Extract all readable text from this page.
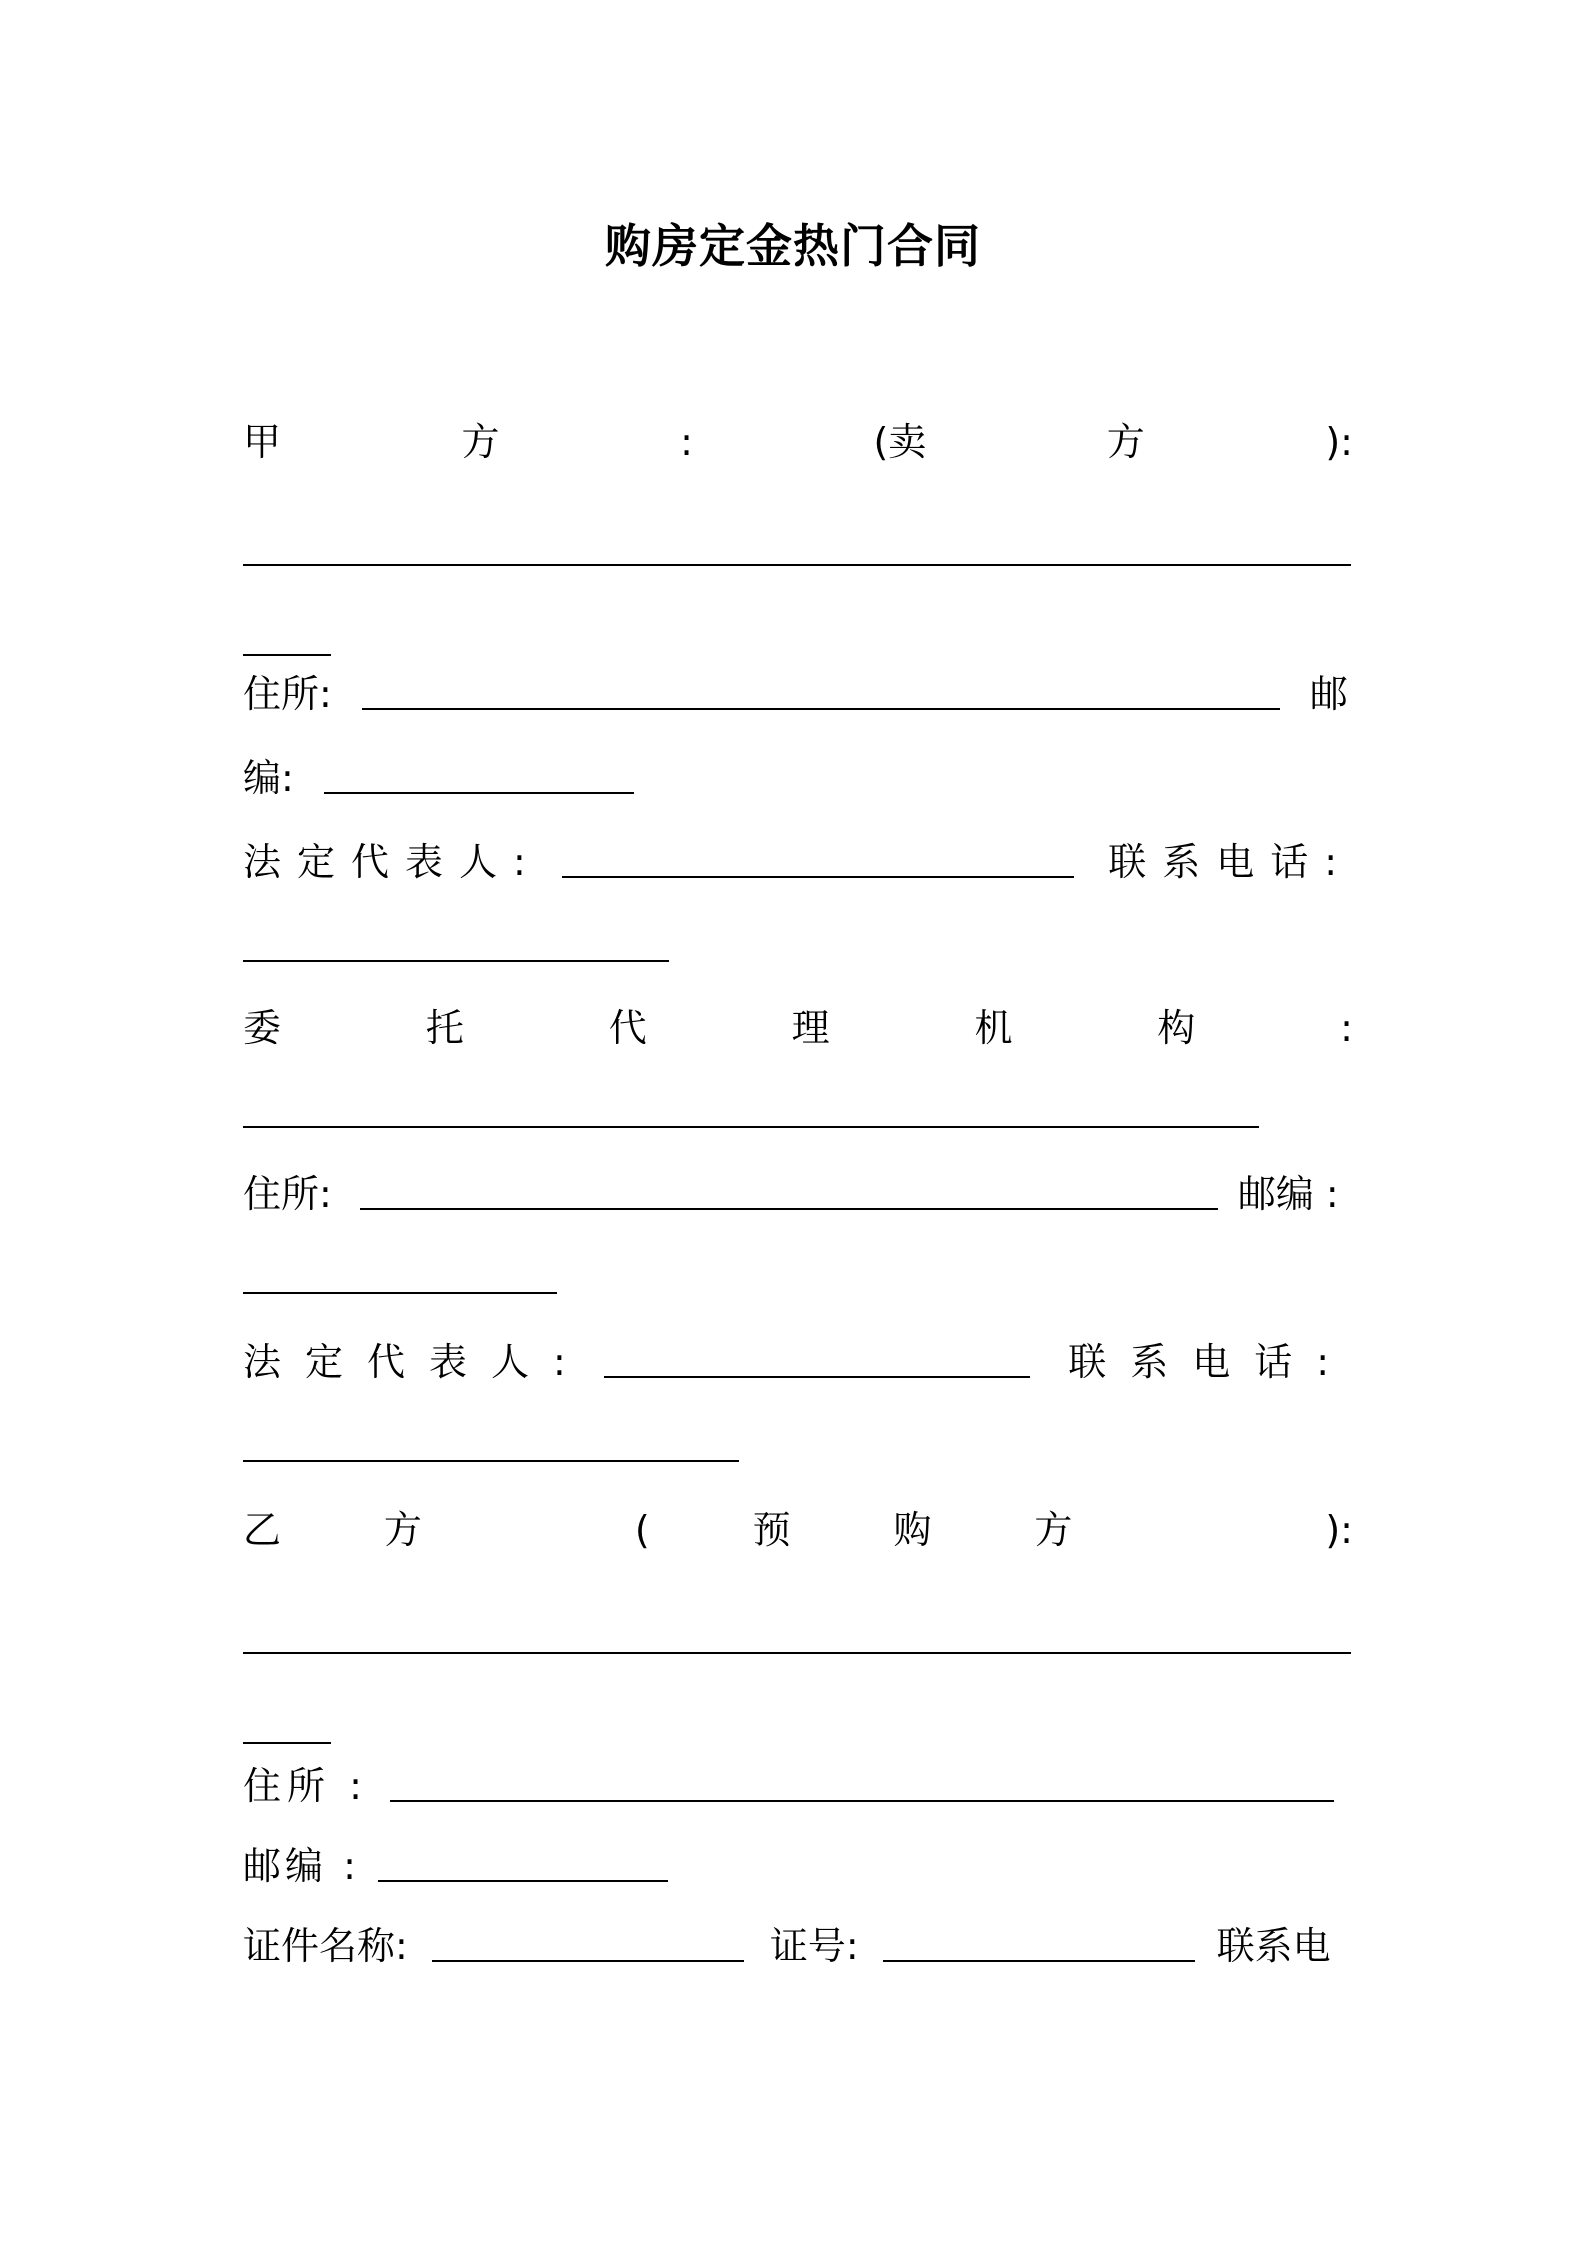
购房定金热门合同
甲	方	:	(卖	方	):
住所:	邮
编:
法定代表人:	联系电话:
委	托	代	理	机	构	:
住所:	邮编 :
法定代表人:	联系电话:
乙	方	(	预	购	方	):
住所 :
邮编 :
证件名称:	证号:	联系电
